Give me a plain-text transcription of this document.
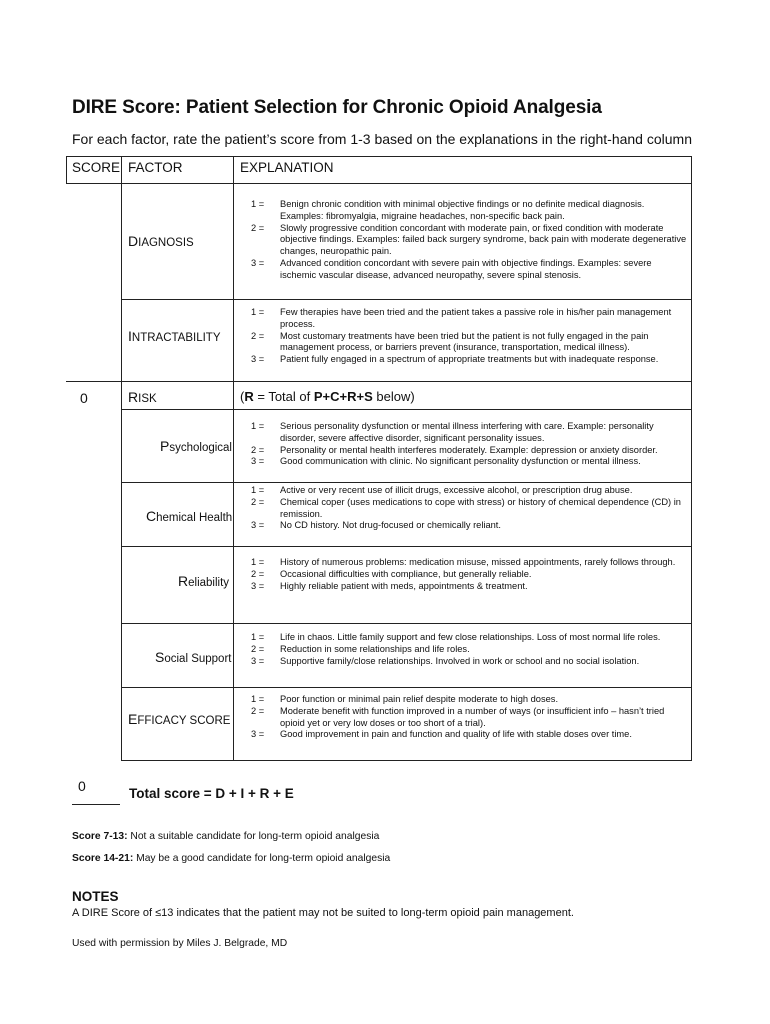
DIRE Score: Patient Selection for Chronic Opioid Analgesia
For each factor, rate the patient’s score from 1-3 based on the explanations in the right-hand column
SCORE FACTOR	EXPLANATION
DIAGNOSIS
1 =	Benign chronic condition with minimal objective findings or no definite medical diagnosis. Examples: fibromyalgia, migraine headaches, non-specific back pain.
2 =	Slowly progressive condition concordant with moderate pain, or fixed condition with moderate objective findings. Examples: failed back surgery syndrome, back pain with moderate degenerative changes, neuropathic pain.
3 =	Advanced condition concordant with severe pain with objective findings. Examples: severe ischemic vascular disease, advanced neuropathy, severe spinal stenosis.
INTRACTABILITY
1 =	Few therapies have been tried and the patient takes a passive role in his/her pain management process.
2 =	Most customary treatments have been tried but the patient is not fully engaged in the pain management process, or barriers prevent (insurance, transportation, medical illness).
3 =	Patient fully engaged in a spectrum of appropriate treatments but with inadequate response.
0	RISK	(R = Total of P+C+R+S below)
Psychological
1 =	Serious personality dysfunction or mental illness interfering with care. Example: personality disorder, severe affective disorder, significant personality issues.
2 =	Personality or mental health interferes moderately. Example: depression or anxiety disorder.
3 =	Good communication with clinic. No significant personality dysfunction or mental illness.
Chemical Health
1 =	Active or very recent use of illicit drugs, excessive alcohol, or prescription drug abuse.
2 =	Chemical coper (uses medications to cope with stress) or history of chemical dependence (CD) in remission.
3 =	No CD history. Not drug-focused or chemically reliant.
Reliability
1 =	History of numerous problems: medication misuse, missed appointments, rarely follows through.
2 =	Occasional difficulties with compliance, but generally reliable.
3 =	Highly reliable patient with meds, appointments & treatment.
Social Support
1 =	Life in chaos. Little family support and few close relationships. Loss of most normal life roles.
2 =	Reduction in some relationships and life roles.
3 =	Supportive family/close relationships. Involved in work or school and no social isolation.
EFFICACY SCORE
1 =	Poor function or minimal pain relief despite moderate to high doses.
2 =	Moderate benefit with function improved in a number of ways (or insufficient info – hasn’t tried opioid yet or very low doses or too short of a trial).
3 =	Good improvement in pain and function and quality of life with stable doses over time.
0	Total score = D + I + R + E
Score 7-13: Not a suitable candidate for long-term opioid analgesia
Score 14-21: May be a good candidate for long-term opioid analgesia
NOTES
A DIRE Score of ≤13 indicates that the patient may not be suited to long-term opioid pain management.
Used with permission by Miles J. Belgrade, MD
